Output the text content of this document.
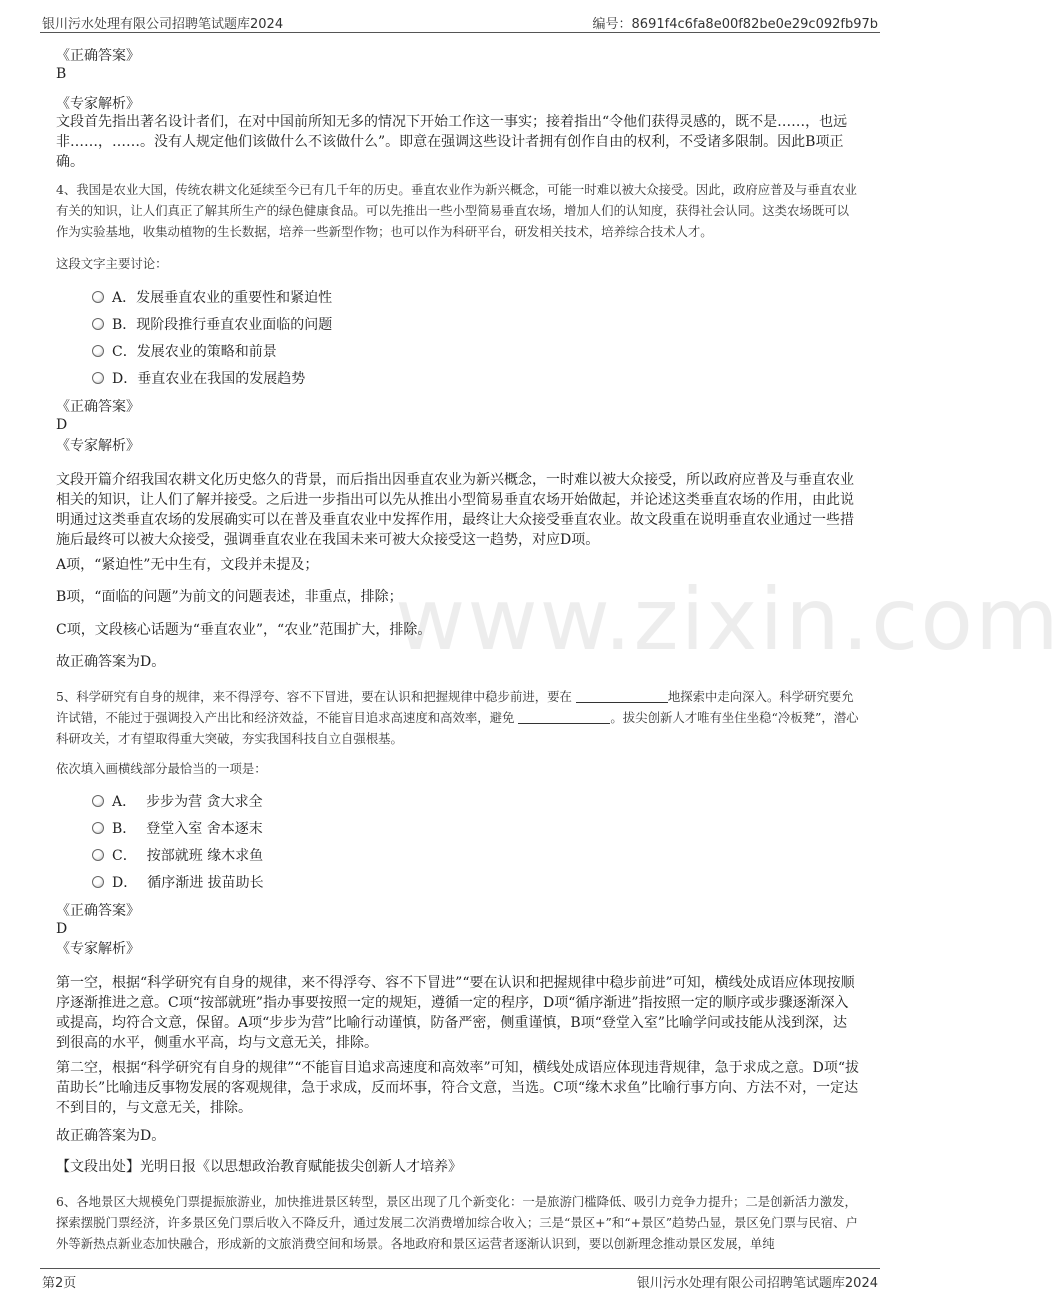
银川污水处理有限公司招聘笔试题库2024	编号：8691f4c6fa8e00f82be0e29c092fb97b
www.zixin.com
《正确答案》
B
《专家解析》
文段首先指出著名设计者们，在对中国前所知无多的情况下开始工作这一事实；接着指出“令他们获得灵感的，既不是……，也远非……，……。没有人规定他们该做什么不该做什么”。即意在强调这些设计者拥有创作自由的权利，不受诸多限制。因此B项正确。
4、我国是农业大国，传统农耕文化延续至今已有几千年的历史。垂直农业作为新兴概念，可能一时难以被大众接受。因此，政府应普及与垂直农业有关的知识，让人们真正了解其所生产的绿色健康食品。可以先推出一些小型简易垂直农场，增加人们的认知度，获得社会认同。这类农场既可以作为实验基地，收集动植物的生长数据，培养一些新型作物；也可以作为科研平台，研发相关技术，培养综合技术人才。
这段文字主要讨论：
A．发展垂直农业的重要性和紧迫性
B．现阶段推行垂直农业面临的问题
C．发展农业的策略和前景
D．垂直农业在我国的发展趋势
《正确答案》
D
《专家解析》
文段开篇介绍我国农耕文化历史悠久的背景，而后指出因垂直农业为新兴概念，一时难以被大众接受，所以政府应普及与垂直农业相关的知识，让人们了解并接受。之后进一步指出可以先从推出小型简易垂直农场开始做起，并论述这类垂直农场的作用，由此说明通过这类垂直农场的发展确实可以在普及垂直农业中发挥作用，最终让大众接受垂直农业。故文段重在说明垂直农业通过一些措施后最终可以被大众接受，强调垂直农业在我国未来可被大众接受这一趋势，对应D项。
A项，“紧迫性”无中生有，文段并未提及；
B项，“面临的问题”为前文的问题表述，非重点，排除；
C项，文段核心话题为“垂直农业”，“农业”范围扩大，排除。
故正确答案为D。
5、科学研究有自身的规律，来不得浮夸、容不下冒进，要在认识和把握规律中稳步前进，要在	地探索中走向深入。科学研究要允许试错，不能过于强调投入产出比和经济效益，不能盲目追求高速度和高效率，避免	。拔尖创新人才唯有坐住坐稳“冷板凳”，潜心科研攻关，才有望取得重大突破，夯实我国科技自立自强根基。
依次填入画横线部分最恰当的一项是：
A． 步步为营 贪大求全
B． 登堂入室 舍本逐末
C． 按部就班 缘木求鱼
D． 循序渐进 拔苗助长
《正确答案》
D
《专家解析》
第一空，根据“科学研究有自身的规律，来不得浮夸、容不下冒进”“要在认识和把握规律中稳步前进”可知，横线处成语应体现按顺序逐渐推进之意。C项“按部就班”指办事要按照一定的规矩，遵循一定的程序，D项“循序渐进”指按照一定的顺序或步骤逐渐深入或提高，均符合文意，保留。A项“步步为营”比喻行动谨慎，防备严密，侧重谨慎，B项“登堂入室”比喻学问或技能从浅到深，达到很高的水平，侧重水平高，均与文意无关，排除。
第二空，根据“科学研究有自身的规律”“不能盲目追求高速度和高效率”可知，横线处成语应体现违背规律，急于求成之意。D项“拔苗助长”比喻违反事物发展的客观规律，急于求成，反而坏事，符合文意，当选。C项“缘木求鱼”比喻行事方向、方法不对，一定达不到目的，与文意无关，排除。
故正确答案为D。
【文段出处】光明日报《以思想政治教育赋能拔尖创新人才培养》
6、各地景区大规模免门票提振旅游业，加快推进景区转型，景区出现了几个新变化：一是旅游门槛降低、吸引力竞争力提升；二是创新活力激发，探索摆脱门票经济，许多景区免门票后收入不降反升，通过发展二次消费增加综合收入；三是“景区+”和“+景区”趋势凸显，景区免门票与民宿、户外等新热点新业态加快融合，形成新的文旅消费空间和场景。各地政府和景区运营者逐渐认识到，要以创新理念推动景区发展，单纯
第2页	银川污水处理有限公司招聘笔试题库2024
